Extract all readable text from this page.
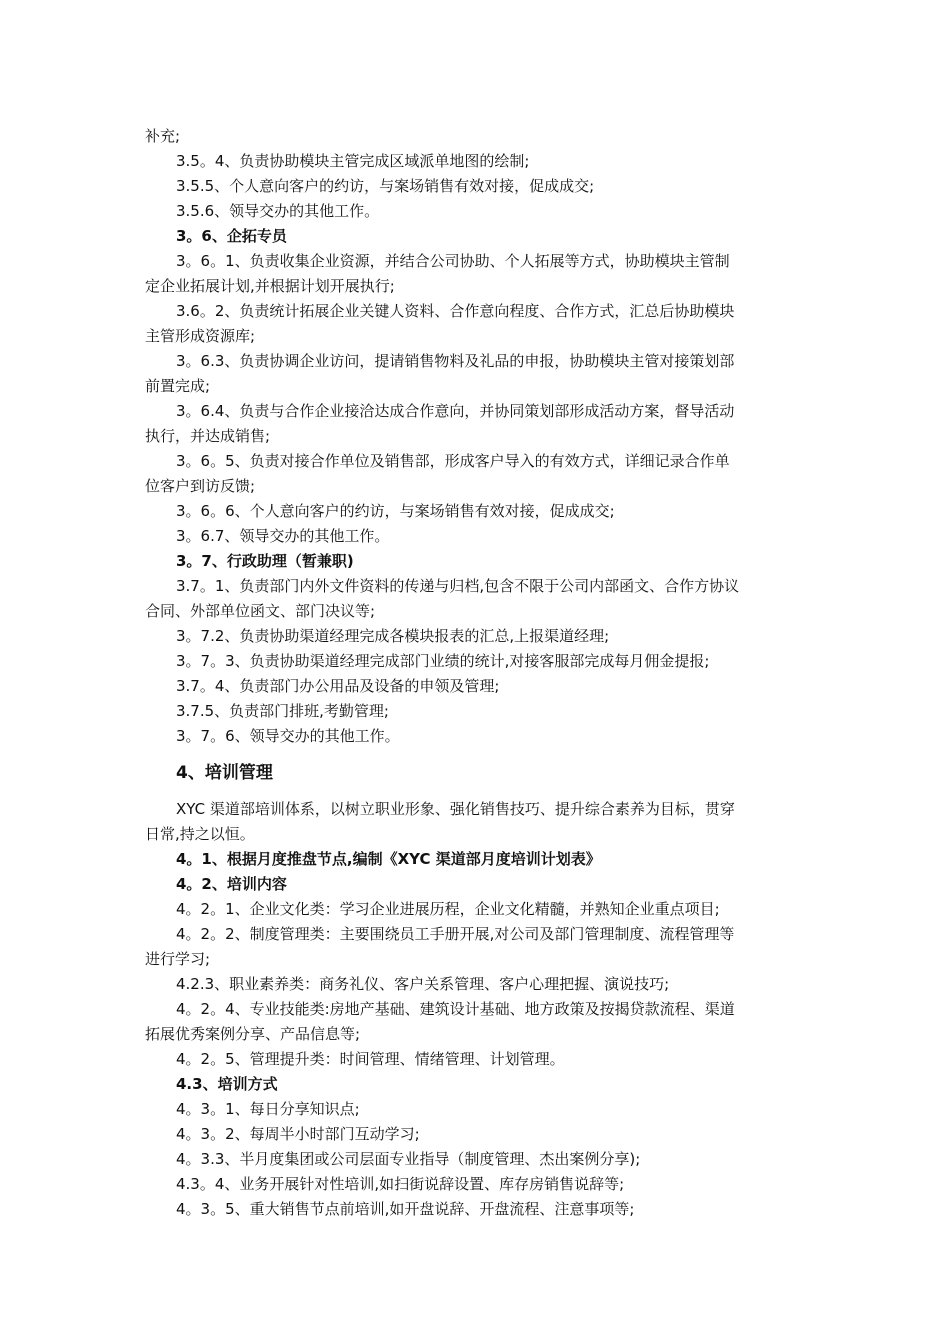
补充;
3.5。4、负责协助模块主管完成区域派单地图的绘制;
3.5.5、个人意向客户的约访，与案场销售有效对接，促成成交;
3.5.6、领导交办的其他工作。
3。6、企拓专员
3。6。1、负责收集企业资源，并结合公司协助、个人拓展等方式，协助模块主管制
定企业拓展计划,并根据计划开展执行;
3.6。2、负责统计拓展企业关键人资料、合作意向程度、合作方式，汇总后协助模块
主管形成资源库;
3。6.3、负责协调企业访问，提请销售物料及礼品的申报，协助模块主管对接策划部
前置完成;
3。6.4、负责与合作企业接洽达成合作意向，并协同策划部形成活动方案，督导活动
执行，并达成销售;
3。6。5、负责对接合作单位及销售部，形成客户导入的有效方式，详细记录合作单
位客户到访反馈;
3。6。6、个人意向客户的约访，与案场销售有效对接，促成成交;
3。6.7、领导交办的其他工作。
3。7、行政助理（暂兼职)
3.7。1、负责部门内外文件资料的传递与归档,包含不限于公司内部函文、合作方协议
合同、外部单位函文、部门决议等;
3。7.2、负责协助渠道经理完成各模块报表的汇总,上报渠道经理;
3。7。3、负责协助渠道经理完成部门业绩的统计,对接客服部完成每月佣金提报;
3.7。4、负责部门办公用品及设备的申领及管理;
3.7.5、负责部门排班,考勤管理;
3。7。6、领导交办的其他工作。
4、培训管理
XYC 渠道部培训体系，以树立职业形象、强化销售技巧、提升综合素养为目标，贯穿
日常,持之以恒。
4。1、根据月度推盘节点,编制《XYC 渠道部月度培训计划表》
4。2、培训内容
4。2。1、企业文化类：学习企业进展历程，企业文化精髓，并熟知企业重点项目;
4。2。2、制度管理类：主要围绕员工手册开展,对公司及部门管理制度、流程管理等
进行学习;
4.2.3、职业素养类：商务礼仪、客户关系管理、客户心理把握、演说技巧;
4。2。4、专业技能类:房地产基础、建筑设计基础、地方政策及按揭贷款流程、渠道
拓展优秀案例分享、产品信息等;
4。2。5、管理提升类：时间管理、情绪管理、计划管理。
4.3、培训方式
4。3。1、每日分享知识点;
4。3。2、每周半小时部门互动学习;
4。3.3、半月度集团或公司层面专业指导（制度管理、杰出案例分享);
4.3。4、业务开展针对性培训,如扫街说辞设置、库存房销售说辞等;
4。3。5、重大销售节点前培训,如开盘说辞、开盘流程、注意事项等;
